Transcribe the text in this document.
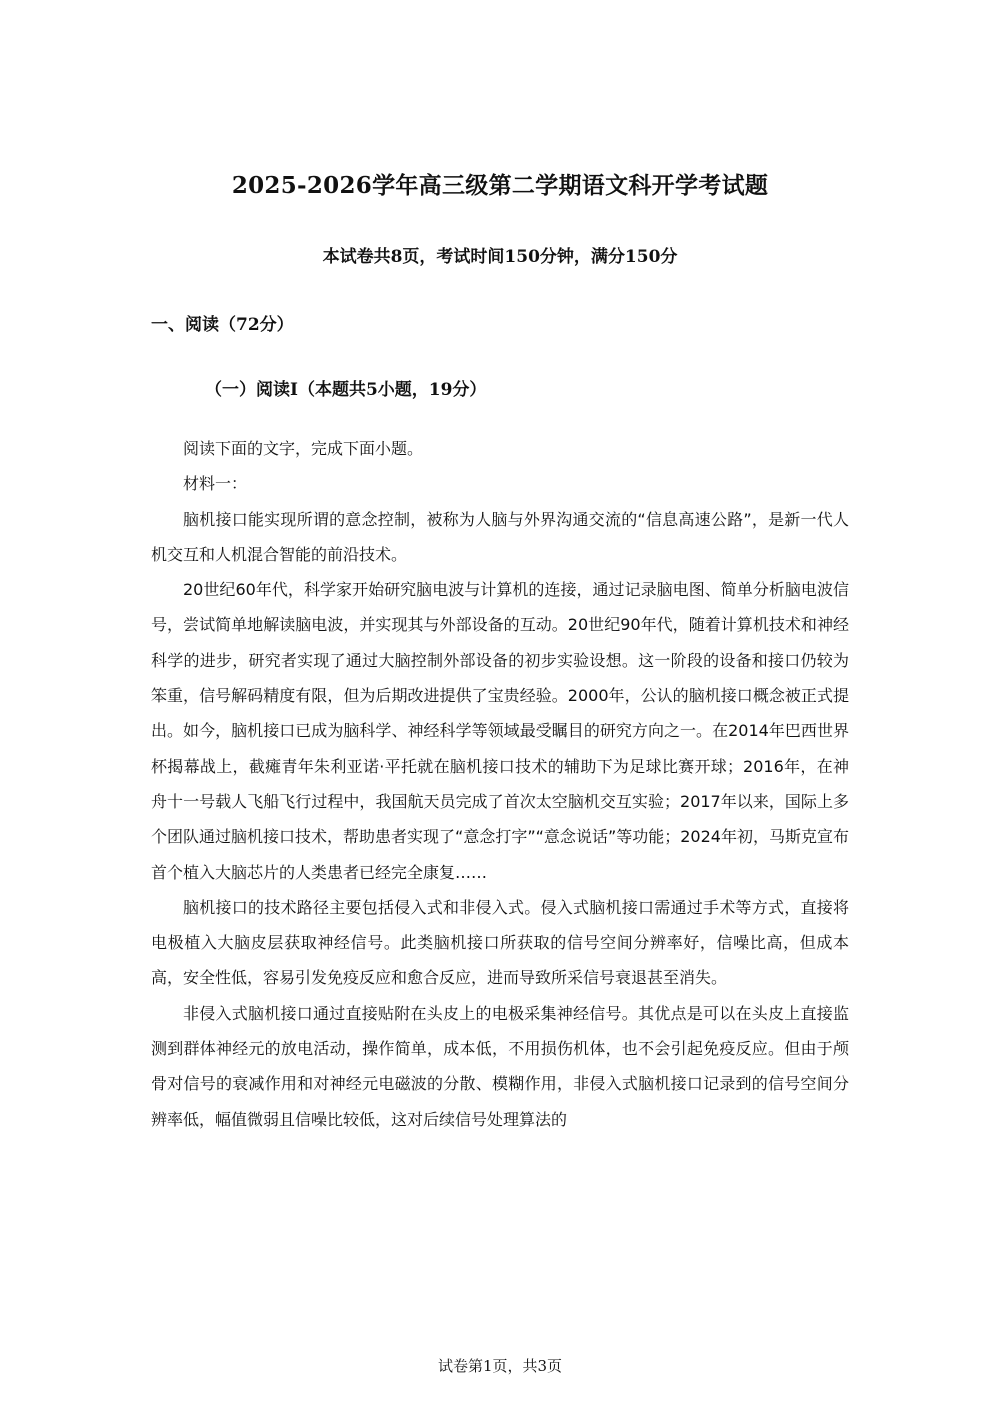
2025-2026学年高三级第二学期语文科开学考试题
本试卷共8页，考试时间150分钟，满分150分
一、阅读（72分）
（一）阅读I（本题共5小题，19分）

阅读下面的文字，完成下面小题。

材料一：

脑机接口能实现所谓的意念控制，被称为人脑与外界沟通交流的“信息高速公路”，是新一代人机交互和人机混合智能的前沿技术。

20世纪60年代，科学家开始研究脑电波与计算机的连接，通过记录脑电图、简单分析脑电波信号，尝试简单地解读脑电波，并实现其与外部设备的互动。20世纪90年代，随着计算机技术和神经科学的进步，研究者实现了通过大脑控制外部设备的初步实验设想。这一阶段的设备和接口仍较为笨重，信号解码精度有限，但为后期改进提供了宝贵经验。2000年，公认的脑机接口概念被正式提出。如今，脑机接口已成为脑科学、神经科学等领域最受瞩目的研究方向之一。在2014年巴西世界杯揭幕战上，截瘫青年朱利亚诺·平托就在脑机接口技术的辅助下为足球比赛开球；2016年，在神舟十一号载人飞船飞行过程中，我国航天员完成了首次太空脑机交互实验；2017年以来，国际上多个团队通过脑机接口技术，帮助患者实现了“意念打字”“意念说话”等功能；2024年初，马斯克宣布首个植入大脑芯片的人类患者已经完全康复……

脑机接口的技术路径主要包括侵入式和非侵入式。侵入式脑机接口需通过手术等方式，直接将电极植入大脑皮层获取神经信号。此类脑机接口所获取的信号空间分辨率好，信噪比高，但成本高，安全性低，容易引发免疫反应和愈合反应，进而导致所采信号衰退甚至消失。

非侵入式脑机接口通过直接贴附在头皮上的电极采集神经信号。其优点是可以在头皮上直接监测到群体神经元的放电活动，操作简单，成本低，不用损伤机体，也不会引起免疫反应。但由于颅骨对信号的衰减作用和对神经元电磁波的分散、模糊作用，非侵入式脑机接口记录到的信号空间分辨率低，幅值微弱且信噪比较低，这对后续信号处理算法的

试卷第1页，共3页
